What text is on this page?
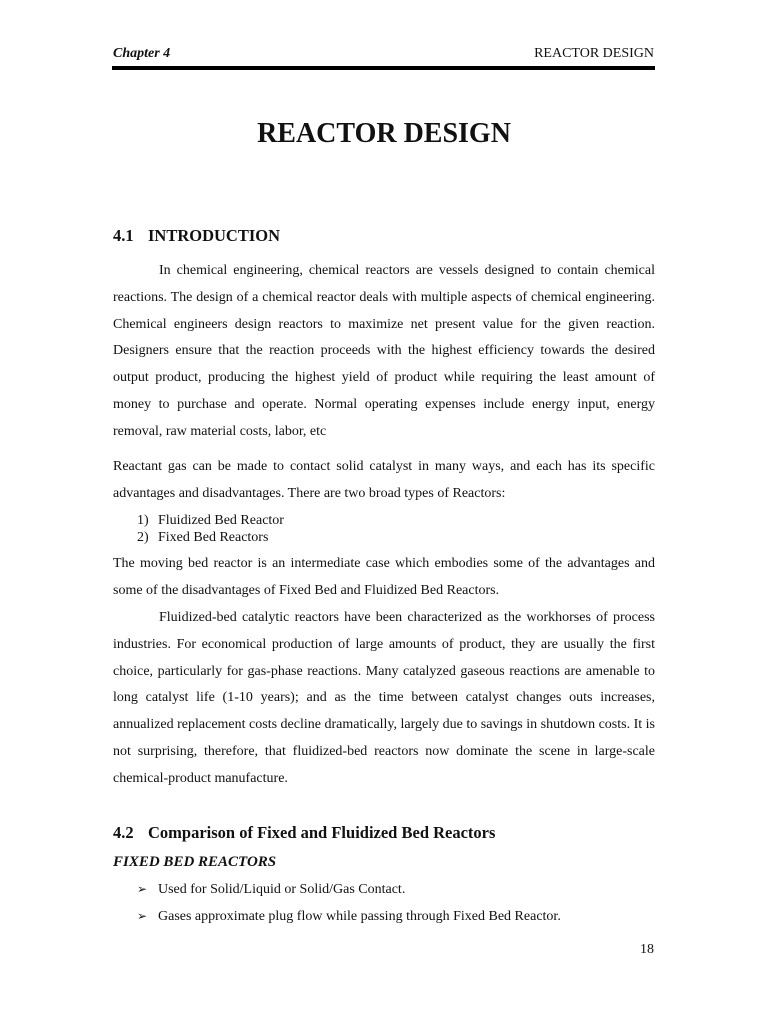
Chapter 4	REACTOR DESIGN
REACTOR DESIGN
4.1 INTRODUCTION
In chemical engineering, chemical reactors are vessels designed to contain chemical reactions. The design of a chemical reactor deals with multiple aspects of chemical engineering. Chemical engineers design reactors to maximize net present value for the given reaction. Designers ensure that the reaction proceeds with the highest efficiency towards the desired output product, producing the highest yield of product while requiring the least amount of money to purchase and operate. Normal operating expenses include energy input, energy removal, raw material costs, labor, etc
Reactant gas can be made to contact solid catalyst in many ways, and each has its specific advantages and disadvantages. There are two broad types of Reactors:
1) Fluidized Bed Reactor
2) Fixed Bed Reactors
The moving bed reactor is an intermediate case which embodies some of the advantages and some of the disadvantages of Fixed Bed and Fluidized Bed Reactors.
Fluidized-bed catalytic reactors have been characterized as the workhorses of process industries. For economical production of large amounts of product, they are usually the first choice, particularly for gas-phase reactions. Many catalyzed gaseous reactions are amenable to long catalyst life (1-10 years); and as the time between catalyst changes outs increases, annualized replacement costs decline dramatically, largely due to savings in shutdown costs. It is not surprising, therefore, that fluidized-bed reactors now dominate the scene in large-scale chemical-product manufacture.
4.2 Comparison of Fixed and Fluidized Bed Reactors
FIXED BED REACTORS
➢ Used for Solid/Liquid or Solid/Gas Contact.
➢ Gases approximate plug flow while passing through Fixed Bed Reactor.
18
